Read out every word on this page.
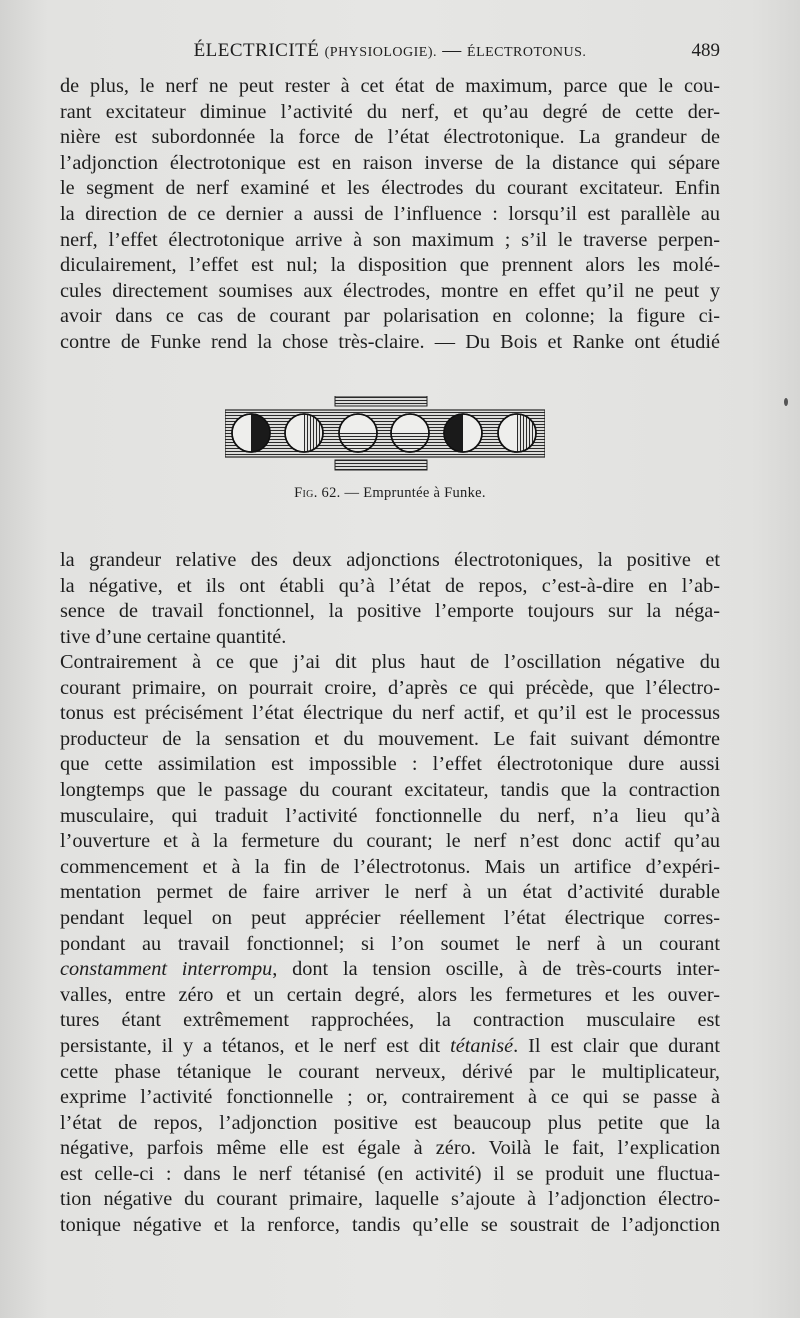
ÉLECTRICITÉ (PHYSIOLOGIE). — ÉLECTROTONUS.	489
de plus, le nerf ne peut rester à cet état de maximum, parce que le cou-
rant excitateur diminue l’activité du nerf, et qu’au degré de cette der-
nière est subordonnée la force de l’état électrotonique. La grandeur de
l’adjonction électrotonique est en raison inverse de la distance qui sépare
le segment de nerf examiné et les électrodes du courant excitateur. Enfin
la direction de ce dernier a aussi de l’influence : lorsqu’il est parallèle au
nerf, l’effet électrotonique arrive à son maximum ; s’il le traverse perpen-
diculairement, l’effet est nul; la disposition que prennent alors les molé-
cules directement soumises aux électrodes, montre en effet qu’il ne peut y
avoir dans ce cas de courant par polarisation en colonne; la figure ci-
contre de Funke rend la chose très-claire. — Du Bois et Ranke ont étudié
Fig. 62. — Empruntée à Funke.
la grandeur relative des deux adjonctions électrotoniques, la positive et
la négative, et ils ont établi qu’à l’état de repos, c’est-à-dire en l’ab-
sence de travail fonctionnel, la positive l’emporte toujours sur la néga-
tive d’une certaine quantité.
Contrairement à ce que j’ai dit plus haut de l’oscillation négative du
courant primaire, on pourrait croire, d’après ce qui précède, que l’électro-
tonus est précisément l’état électrique du nerf actif, et qu’il est le processus
producteur de la sensation et du mouvement. Le fait suivant démontre
que cette assimilation est impossible : l’effet électrotonique dure aussi
longtemps que le passage du courant excitateur, tandis que la contraction
musculaire, qui traduit l’activité fonctionnelle du nerf, n’a lieu qu’à
l’ouverture et à la fermeture du courant; le nerf n’est donc actif qu’au
commencement et à la fin de l’électrotonus. Mais un artifice d’expéri-
mentation permet de faire arriver le nerf à un état d’activité durable
pendant lequel on peut apprécier réellement l’état électrique corres-
pondant au travail fonctionnel; si l’on soumet le nerf à un courant
constamment interrompu, dont la tension oscille, à de très-courts inter-
valles, entre zéro et un certain degré, alors les fermetures et les ouver-
tures étant extrêmement rapprochées, la contraction musculaire est
persistante, il y a tétanos, et le nerf est dit tétanisé. Il est clair que durant
cette phase tétanique le courant nerveux, dérivé par le multiplicateur,
exprime l’activité fonctionnelle ; or, contrairement à ce qui se passe à
l’état de repos, l’adjonction positive est beaucoup plus petite que la
négative, parfois même elle est égale à zéro. Voilà le fait, l’explication
est celle-ci : dans le nerf tétanisé (en activité) il se produit une fluctua-
tion négative du courant primaire, laquelle s’ajoute à l’adjonction électro-
tonique négative et la renforce, tandis qu’elle se soustrait de l’adjonction
